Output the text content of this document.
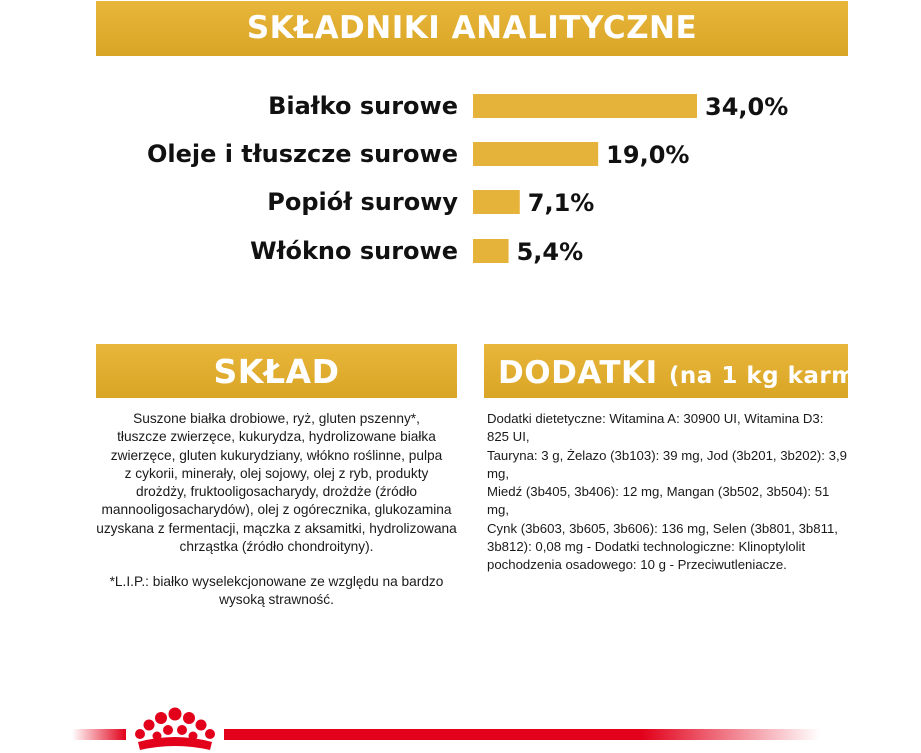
SKŁADNIKI ANALITYCZNE
Białko surowe	34,0%
Oleje i tłuszcze surowe	19,0%
Popiół surowy	7,1%
Włókno surowe 5,4%
SKŁAD
Suszone białka drobiowe, ryż, gluten pszenny*,
tłuszcze zwierzęce, kukurydza, hydrolizowane białka
zwierzęce, gluten kukurydziany, włókno roślinne, pulpa
z cykorii, minerały, olej sojowy, olej z ryb, produkty
drożdży, fruktooligosacharydy, drożdże (źródło
mannooligosacharydów), olej z ogórecznika, glukozamina
uzyskana z fermentacji, mączka z aksamitki, hydrolizowana
chrząstka (źródło chondroityny).
*L.I.P.: białko wyselekcjonowane ze względu na bardzo
wysoką strawność.
DODATKI (na 1 kg karmy)
Dodatki dietetyczne: Witamina A: 30900 UI, Witamina D3: 825 UI,
Tauryna: 3 g, Żelazo (3b103): 39 mg, Jod (3b201, 3b202): 3,9 mg,
Miedź (3b405, 3b406): 12 mg, Mangan (3b502, 3b504): 51 mg,
Cynk (3b603, 3b605, 3b606): 136 mg, Selen (3b801, 3b811,
3b812): 0,08 mg - Dodatki technologiczne: Klinoptylolit
pochodzenia osadowego: 10 g - Przeciwutleniacze.
